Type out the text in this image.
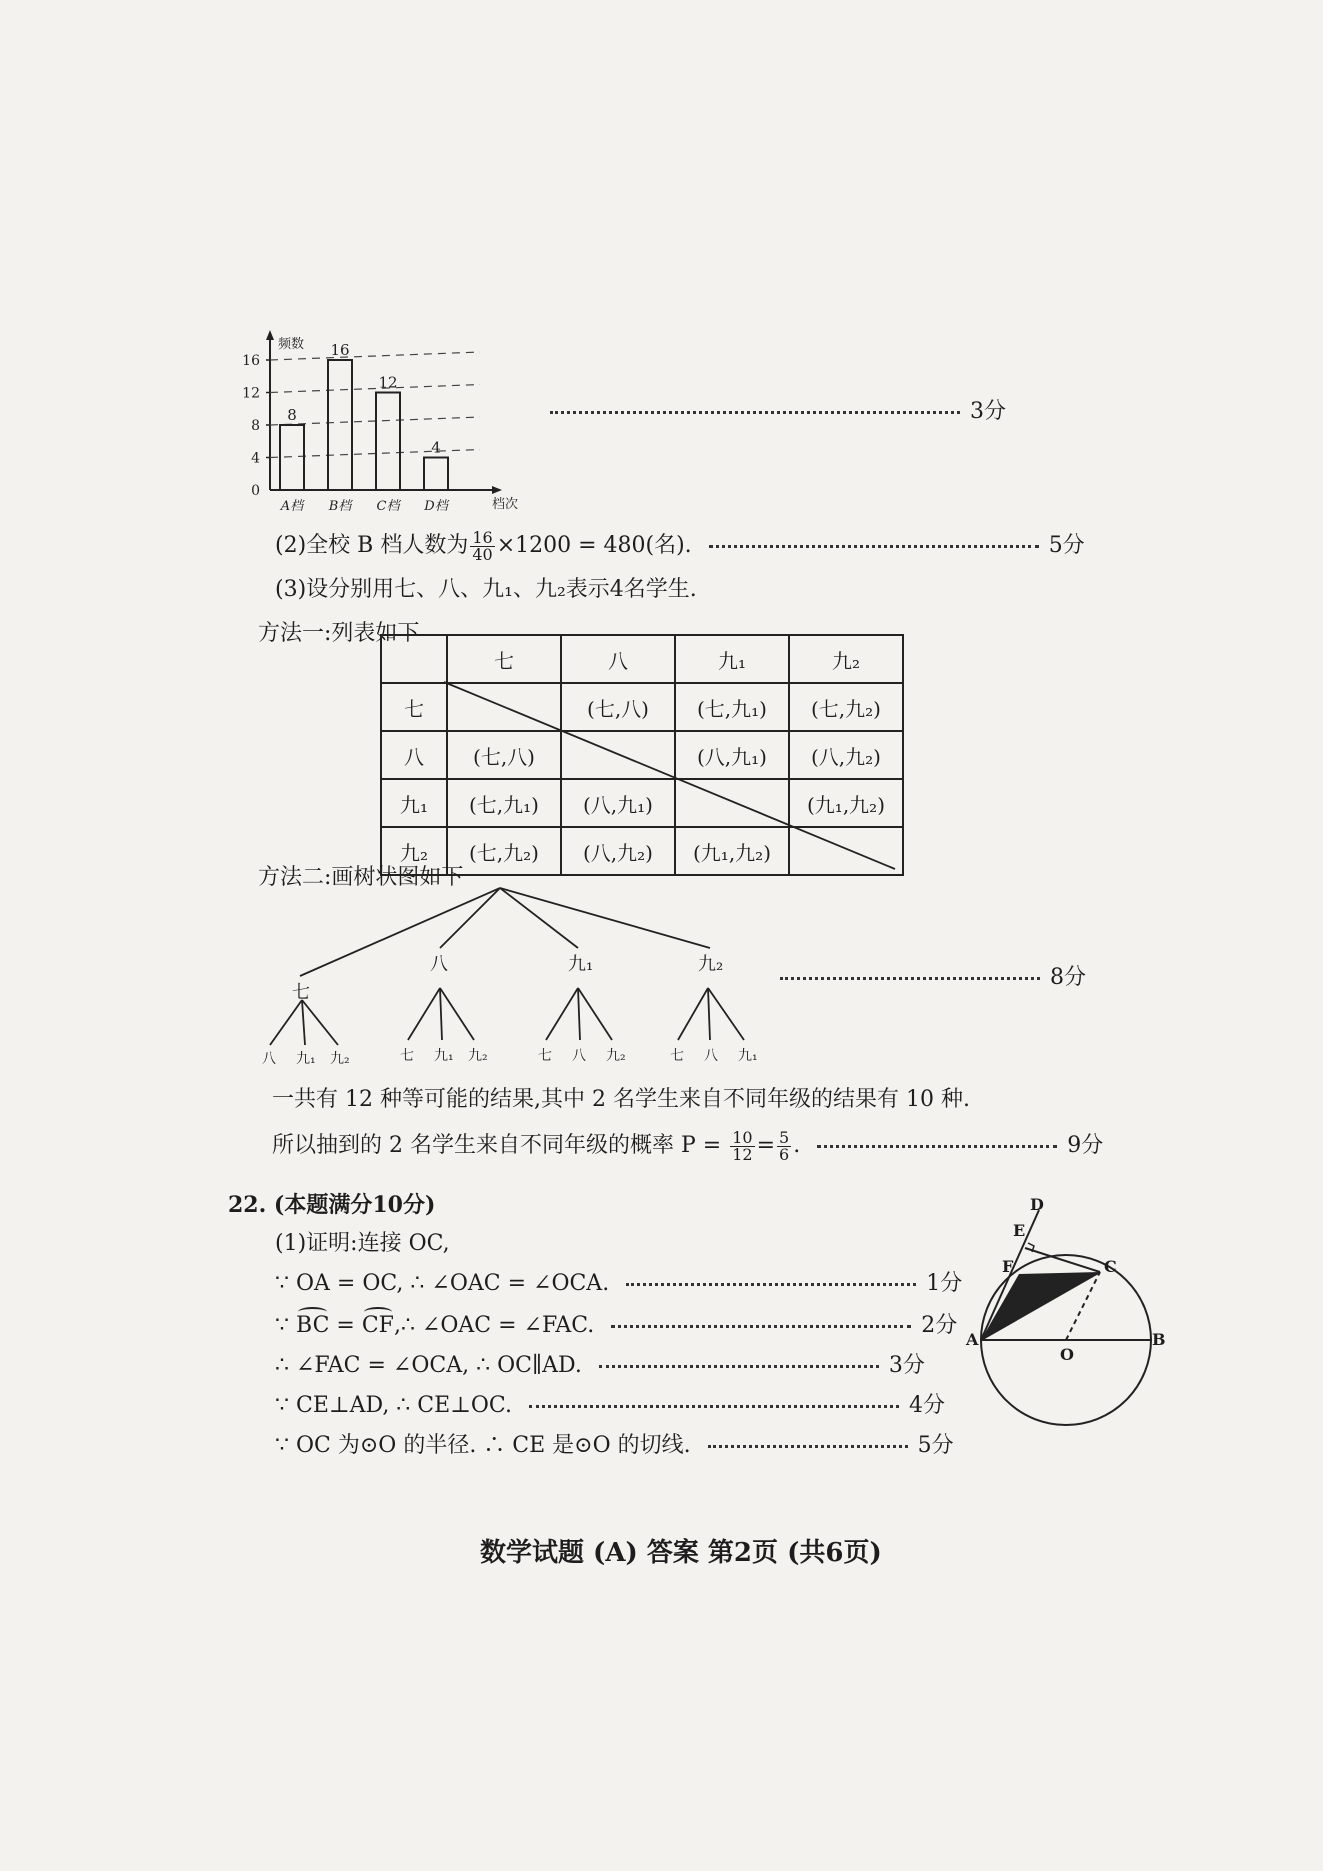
0
4
8
12
16
频数
8
A档
16
B档
12
C档
4
D档	档次
3分
(2)全校 B 档人数为 $\frac{16}{40} \times 1200 = 480$(名).	5分
(3)设分别用七、八、九₁、九₂表示4名学生.
方法一:列表如下
	七	八	九₁	九₂
七		(七,八)	(七,九₁)	(七,九₂)
八	(七,八)		(八,九₁)	(八,九₂)
九₁	(七,九₁)	(八,九₁)		(九₁,九₂)
九₂	(七,九₂)	(八,九₂)	(九₁,九₂)	
方法二:画树状图如下
七
八	九₁	九₂
八 九₁ 九₂	七 九₁ 九₂	七 八 九₂	七 八 九₁
8分
一共有 12 种等可能的结果,其中 2 名学生来自不同年级的结果有 10 种.
所以抽到的 2 名学生来自不同年级的概率 $P = \frac{10}{12} = \frac{5}{6}$ .	9分
22. (本题满分10分)
(1)证明:连接 OC,
∵ OA = OC, ∴ ∠OAC = ∠OCA.	1分
∵ BC = CF,∴ ∠OAC = ∠FAC.	2分
∴ ∠FAC = ∠OCA, ∴ OC∥AD.	3分
∵ CE⊥AD, ∴ CE⊥OC.	4分
∵ OC 为⊙O 的半径. ∴ CE 是⊙O 的切线.	5分
D
E
F	C
A
O
B
数学试题 (A) 答案 第2页 (共6页)
